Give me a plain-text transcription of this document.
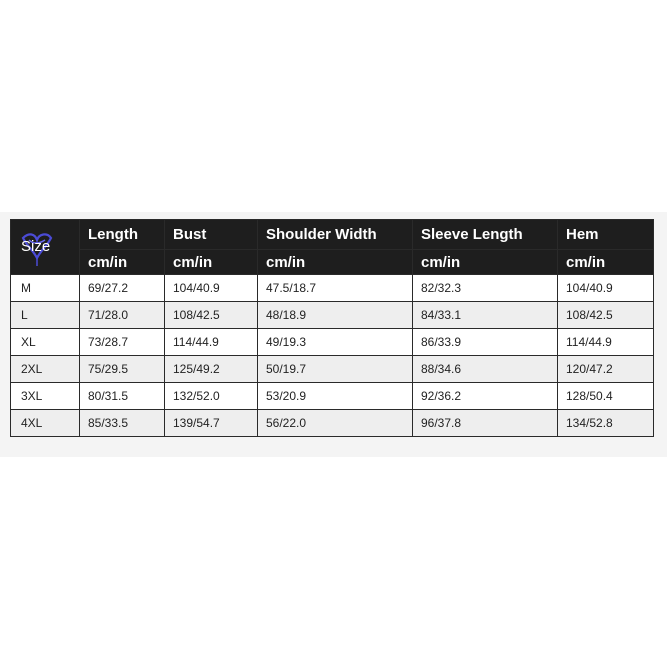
Size	Length	Bust	Shoulder Width	Sleeve Length	Hem
	cm/in	cm/in	cm/in	cm/in	cm/in
M	69/27.2	104/40.9	47.5/18.7	82/32.3	104/40.9
L	71/28.0	108/42.5	48/18.9	84/33.1	108/42.5
XL	73/28.7	114/44.9	49/19.3	86/33.9	114/44.9
2XL	75/29.5	125/49.2	50/19.7	88/34.6	120/47.2
3XL	80/31.5	132/52.0	53/20.9	92/36.2	128/50.4
4XL	85/33.5	139/54.7	56/22.0	96/37.8	134/52.8
